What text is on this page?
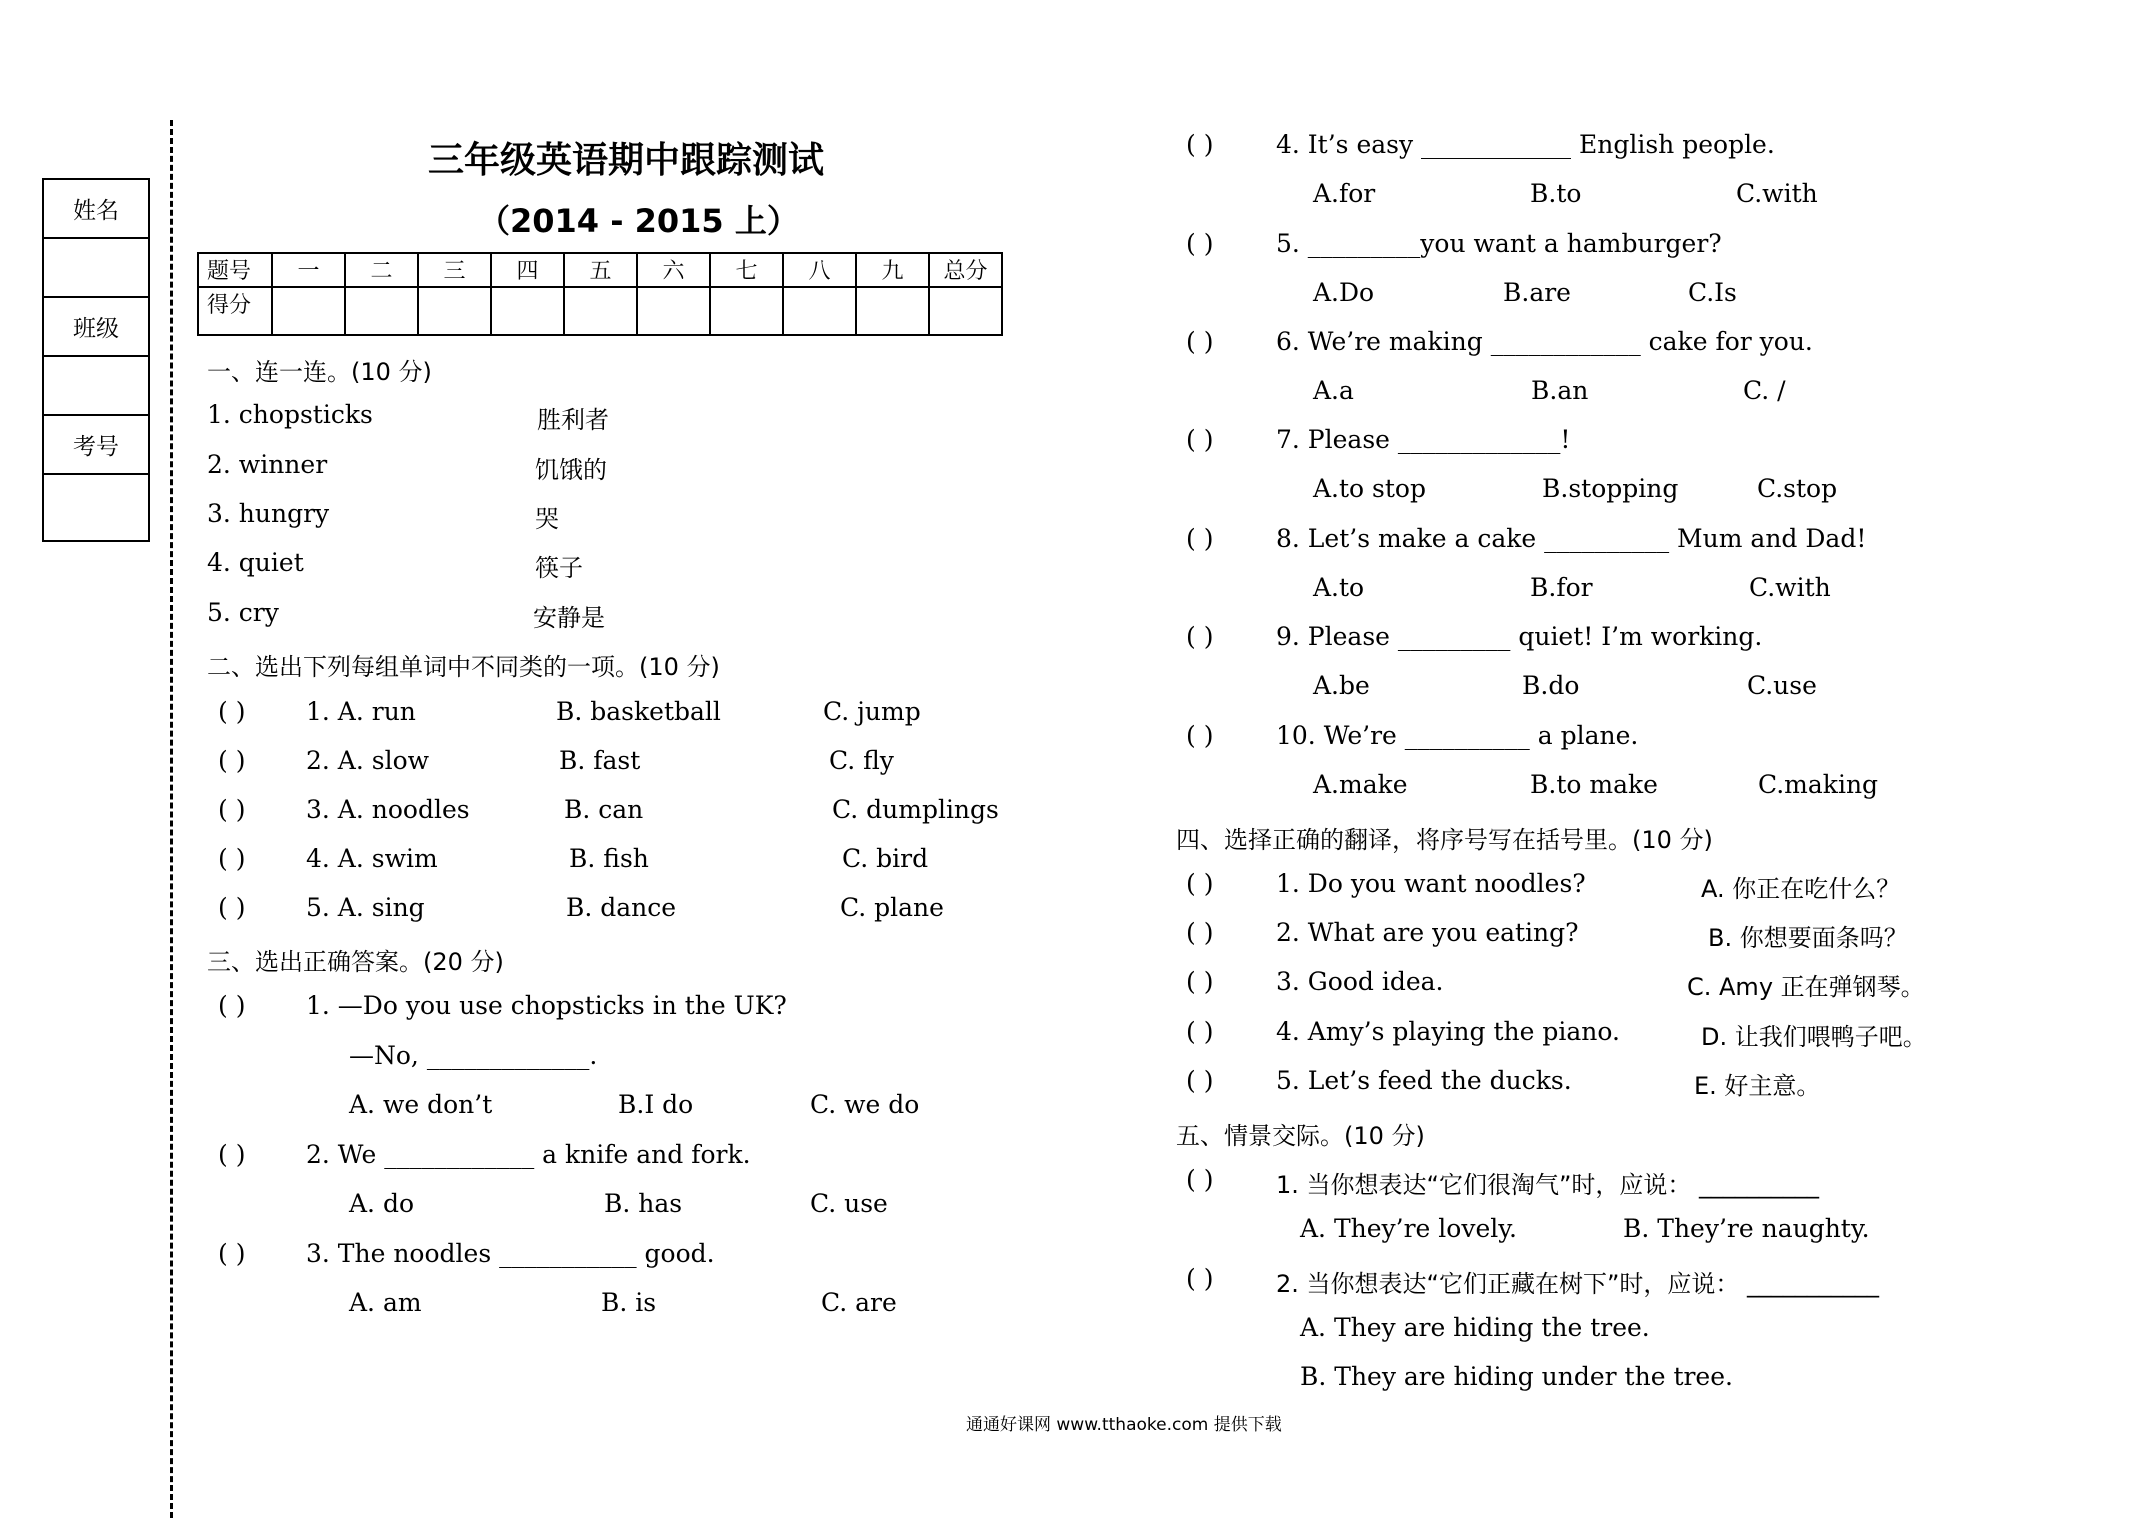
姓名
班级
考号
三年级英语期中跟踪测试
（2014 - 2015 上）
题号	一	二	三	四	五	六	七	八	九	总分
得分										
一、连一连。(10 分)
1. chopsticks	胜利者
2. winner	饥饿的
3. hungry	哭
4. quiet	筷子
5. cry	安静是
二、选出下列每组单词中不同类的一项。(10 分)
( ) 1. A. run	B. basketball	C. jump
( ) 2. A. slow	B. fast	C. fly
( ) 3. A. noodles	B. can	C. dumplings
( ) 4. A. swim	B. fish	C. bird
( ) 5. A. sing	B. dance	C. plane
三、选出正确答案。(20 分)
( ) 1. —Do you use chopsticks in the UK?
—No, _____________.
A. we don’t	B.I do	C. we do
( ) 2. We ____________ a knife and fork.
A. do	B. has	C. use
( ) 3. The noodles ___________ good.
A. am	B. is	C. are
( )	4. It’s easy ____________ English people.
A.for	B.to	C.with
( )	5. _________you want a hamburger?
A.Do	B.are	C.Is
( )	6. We’re making ____________ cake for you.
A.a	B.an	C. /
( )	7. Please _____________!
A.to stop	B.stopping	C.stop
( )	8. Let’s make a cake __________ Mum and Dad!
A.to	B.for	C.with
( )	9. Please _________ quiet! I’m working.
A.be	B.do	C.use
( )	10. We’re __________ a plane.
A.make	B.to make	C.making
四、选择正确的翻译，将序号写在括号里。(10 分)
( )	1. Do you want noodles?	A. 你正在吃什么？
( )	2. What are you eating?	B. 你想要面条吗？
( )	3. Good idea.	C. Amy 正在弹钢琴。
( )	4. Amy’s playing the piano.	D. 让我们喂鸭子吧。
( )	5. Let’s feed the ducks.	E. 好主意。
五、情景交际。(10 分)
( )	1. 当你想表达“它们很淘气”时，应说： __________
A. They’re lovely.	B. They’re naughty.
( )	2. 当你想表达“它们正藏在树下”时，应说： ___________
A. They are hiding the tree.
B. They are hiding under the tree.
通通好课网 www.tthaoke.com 提供下载
